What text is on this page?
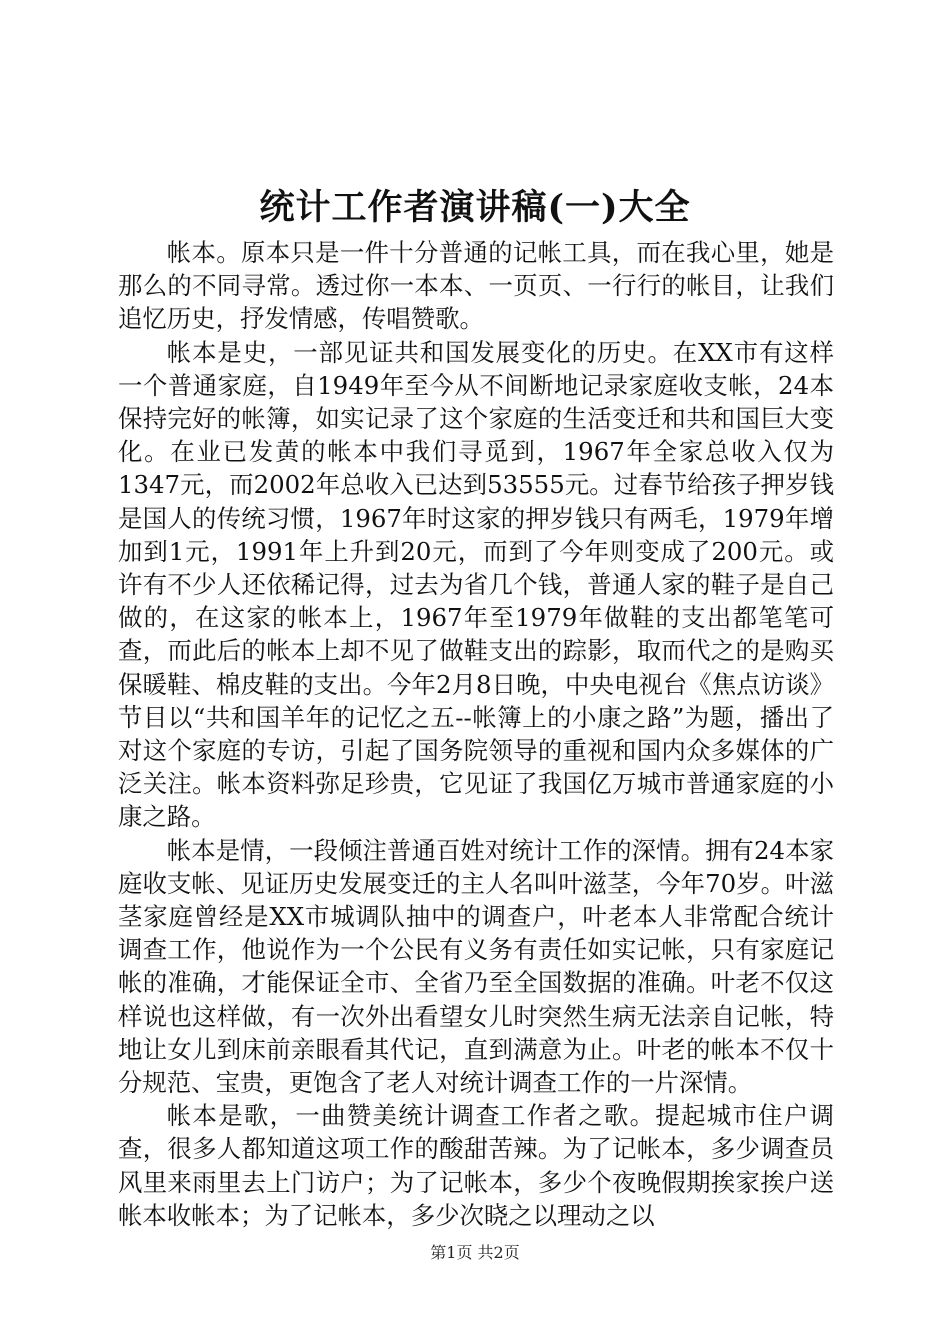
统计工作者演讲稿(一)大全

帐本。原本只是一件十分普通的记帐工具，而在我心里，她是那么的不同寻常。透过你一本本、一页页、一行行的帐目，让我们追忆历史，抒发情感，传唱赞歌。

帐本是史，一部见证共和国发展变化的历史。在XX市有这样一个普通家庭，自1949年至今从不间断地记录家庭收支帐，24本保持完好的帐簿，如实记录了这个家庭的生活变迁和共和国巨大变化。在业已发黄的帐本中我们寻觅到，1967年全家总收入仅为1347元，而2002年总收入已达到53555元。过春节给孩子押岁钱是国人的传统习惯，1967年时这家的押岁钱只有两毛，1979年增加到1元，1991年上升到20元，而到了今年则变成了200元。或许有不少人还依稀记得，过去为省几个钱，普通人家的鞋子是自己做的，在这家的帐本上，1967年至1979年做鞋的支出都笔笔可查，而此后的帐本上却不见了做鞋支出的踪影，取而代之的是购买保暖鞋、棉皮鞋的支出。今年2月8日晚，中央电视台《焦点访谈》节目以“共和国羊年的记忆之五--帐簿上的小康之路”为题，播出了对这个家庭的专访，引起了国务院领导的重视和国内众多媒体的广泛关注。帐本资料弥足珍贵，它见证了我国亿万城市普通家庭的小康之路。

帐本是情，一段倾注普通百姓对统计工作的深情。拥有24本家庭收支帐、见证历史发展变迁的主人名叫叶滋茎，今年70岁。叶滋茎家庭曾经是XX市城调队抽中的调查户，叶老本人非常配合统计调查工作，他说作为一个公民有义务有责任如实记帐，只有家庭记帐的准确，才能保证全市、全省乃至全国数据的准确。叶老不仅这样说也这样做，有一次外出看望女儿时突然生病无法亲自记帐，特地让女儿到床前亲眼看其代记，直到满意为止。叶老的帐本不仅十分规范、宝贵，更饱含了老人对统计调查工作的一片深情。

帐本是歌，一曲赞美统计调查工作者之歌。提起城市住户调查，很多人都知道这项工作的酸甜苦辣。为了记帐本，多少调查员风里来雨里去上门访户；为了记帐本，多少个夜晚假期挨家挨户送帐本收帐本；为了记帐本，多少次晓之以理动之以

第1页 共2页
